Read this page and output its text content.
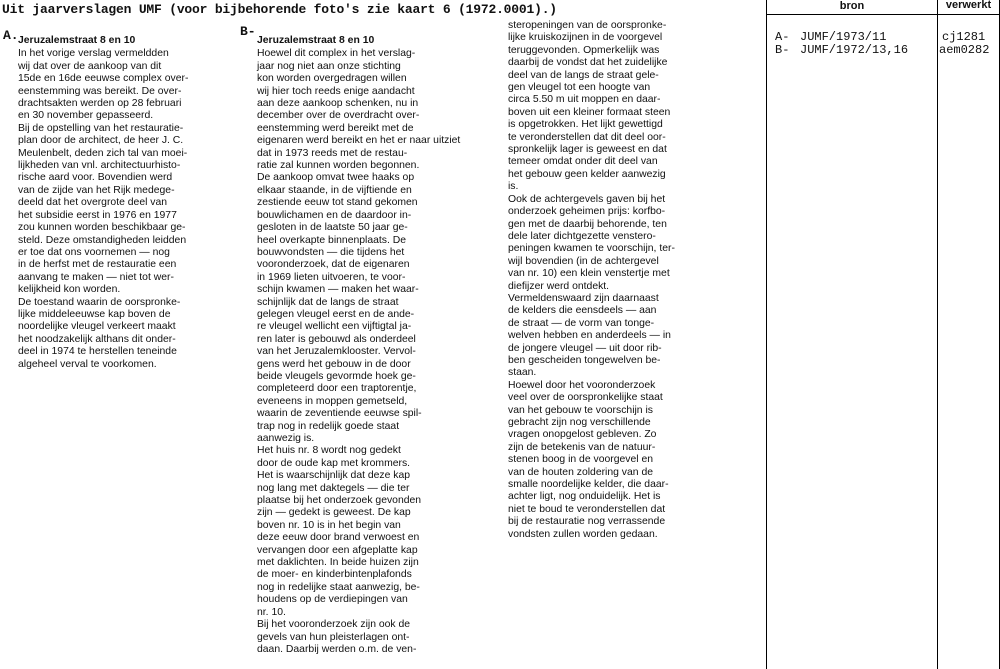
Uit jaarverslagen UMF (voor bijbehorende foto's zie kaart 6 (1972.0001).)
A.	B-
Jeruzalemstraat 8 en 10
In het vorige verslag vermeldden
wij dat over de aankoop van dit
15de en 16de eeuwse complex over-
eenstemming was bereikt. De over-
drachtsakten werden op 28 februari
en 30 november gepasseerd.
Bij de opstelling van het restauratie-
plan door de architect, de heer J. C.
Meulenbelt, deden zich tal van moei-
lijkheden van vnl. architectuurhisto-
rische aard voor. Bovendien werd
van de zijde van het Rijk medege-
deeld dat het overgrote deel van
het subsidie eerst in 1976 en 1977
zou kunnen worden beschikbaar ge-
steld. Deze omstandigheden leidden
er toe dat ons voornemen — nog
in de herfst met de restauratie een
aanvang te maken — niet tot wer-
kelijkheid kon worden.
De toestand waarin de oorspronke-
lijke middeleeuwse kap boven de
noordelijke vleugel verkeert maakt
het noodzakelijk althans dit onder-
deel in 1974 te herstellen teneinde
algeheel verval te voorkomen.
Jeruzalemstraat 8 en 10
Hoewel dit complex in het verslag-
jaar nog niet aan onze stichting
kon worden overgedragen willen
wij hier toch reeds enige aandacht
aan deze aankoop schenken, nu in
december over de overdracht over-
eenstemming werd bereikt met de
eigenaren werd bereikt en het er naar uitziet
dat in 1973 reeds met de restau-
ratie zal kunnen worden begonnen.
De aankoop omvat twee haaks op
elkaar staande, in de vijftiende en
zestiende eeuw tot stand gekomen
bouwlichamen en de daardoor in-
gesloten in de laatste 50 jaar ge-
heel overkapte binnenplaats. De
bouwvondsten — die tijdens het
vooronderzoek, dat de eigenaren
in 1969 lieten uitvoeren, te voor-
schijn kwamen — maken het waar-
schijnlijk dat de langs de straat
gelegen vleugel eerst en de ande-
re vleugel wellicht een vijftigtal ja-
ren later is gebouwd als onderdeel
van het Jeruzalemklooster. Vervol-
gens werd het gebouw in de door
beide vleugels gevormde hoek ge-
completeerd door een traptorentje,
eveneens in moppen gemetseld,
waarin de zeventiende eeuwse spil-
trap nog in redelijk goede staat
aanwezig is.
Het huis nr. 8 wordt nog gedekt
door de oude kap met krommers.
Het is waarschijnlijk dat deze kap
nog lang met daktegels — die ter
plaatse bij het onderzoek gevonden
zijn — gedekt is geweest. De kap
boven nr. 10 is in het begin van
deze eeuw door brand verwoest en
vervangen door een afgeplatte kap
met daklichten. In beide huizen zijn
de moer- en kinderbintenplafonds
nog in redelijke staat aanwezig, be-
houdens op de verdiepingen van
nr. 10.
Bij het vooronderzoek zijn ook de
gevels van hun pleisterlagen ont-
daan. Daarbij werden o.m. de ven-
steropeningen van de oorspronke-
lijke kruiskozijnen in de voorgevel
teruggevonden. Opmerkelijk was
daarbij de vondst dat het zuidelijke
deel van de langs de straat gele-
gen vleugel tot een hoogte van
circa 5.50 m uit moppen en daar-
boven uit een kleiner formaat steen
is opgetrokken. Het lijkt gewettigd
te veronderstellen dat dit deel oor-
spronkelijk lager is geweest en dat
temeer omdat onder dit deel van
het gebouw geen kelder aanwezig
is.
Ook de achtergevels gaven bij het
onderzoek geheimen prijs: korfbo-
gen met de daarbij behorende, ten
dele later dichtgezette venstero-
peningen kwamen te voorschijn, ter-
wijl bovendien (in de achtergevel
van nr. 10) een klein venstertje met
diefijzer werd ontdekt.
Vermeldenswaard zijn daarnaast
de kelders die eensdeels — aan
de straat — de vorm van tonge-
welven hebben en anderdeels — in
de jongere vleugel — uit door rib-
ben gescheiden tongewelven be-
staan.
Hoewel door het vooronderzoek
veel over de oorspronkelijke staat
van het gebouw te voorschijn is
gebracht zijn nog verschillende
vragen onopgelost gebleven. Zo
zijn de betekenis van de natuur-
stenen boog in de voorgevel en
van de houten zoldering van de
smalle noordelijke kelder, die daar-
achter ligt, nog onduidelijk. Het is
niet te boud te veronderstellen dat
bij de restauratie nog verrassende
vondsten zullen worden gedaan.
bron	verwerkt
A- JUMF/1973/11	cj1281
B- JUMF/1972/13,16	aem0282
